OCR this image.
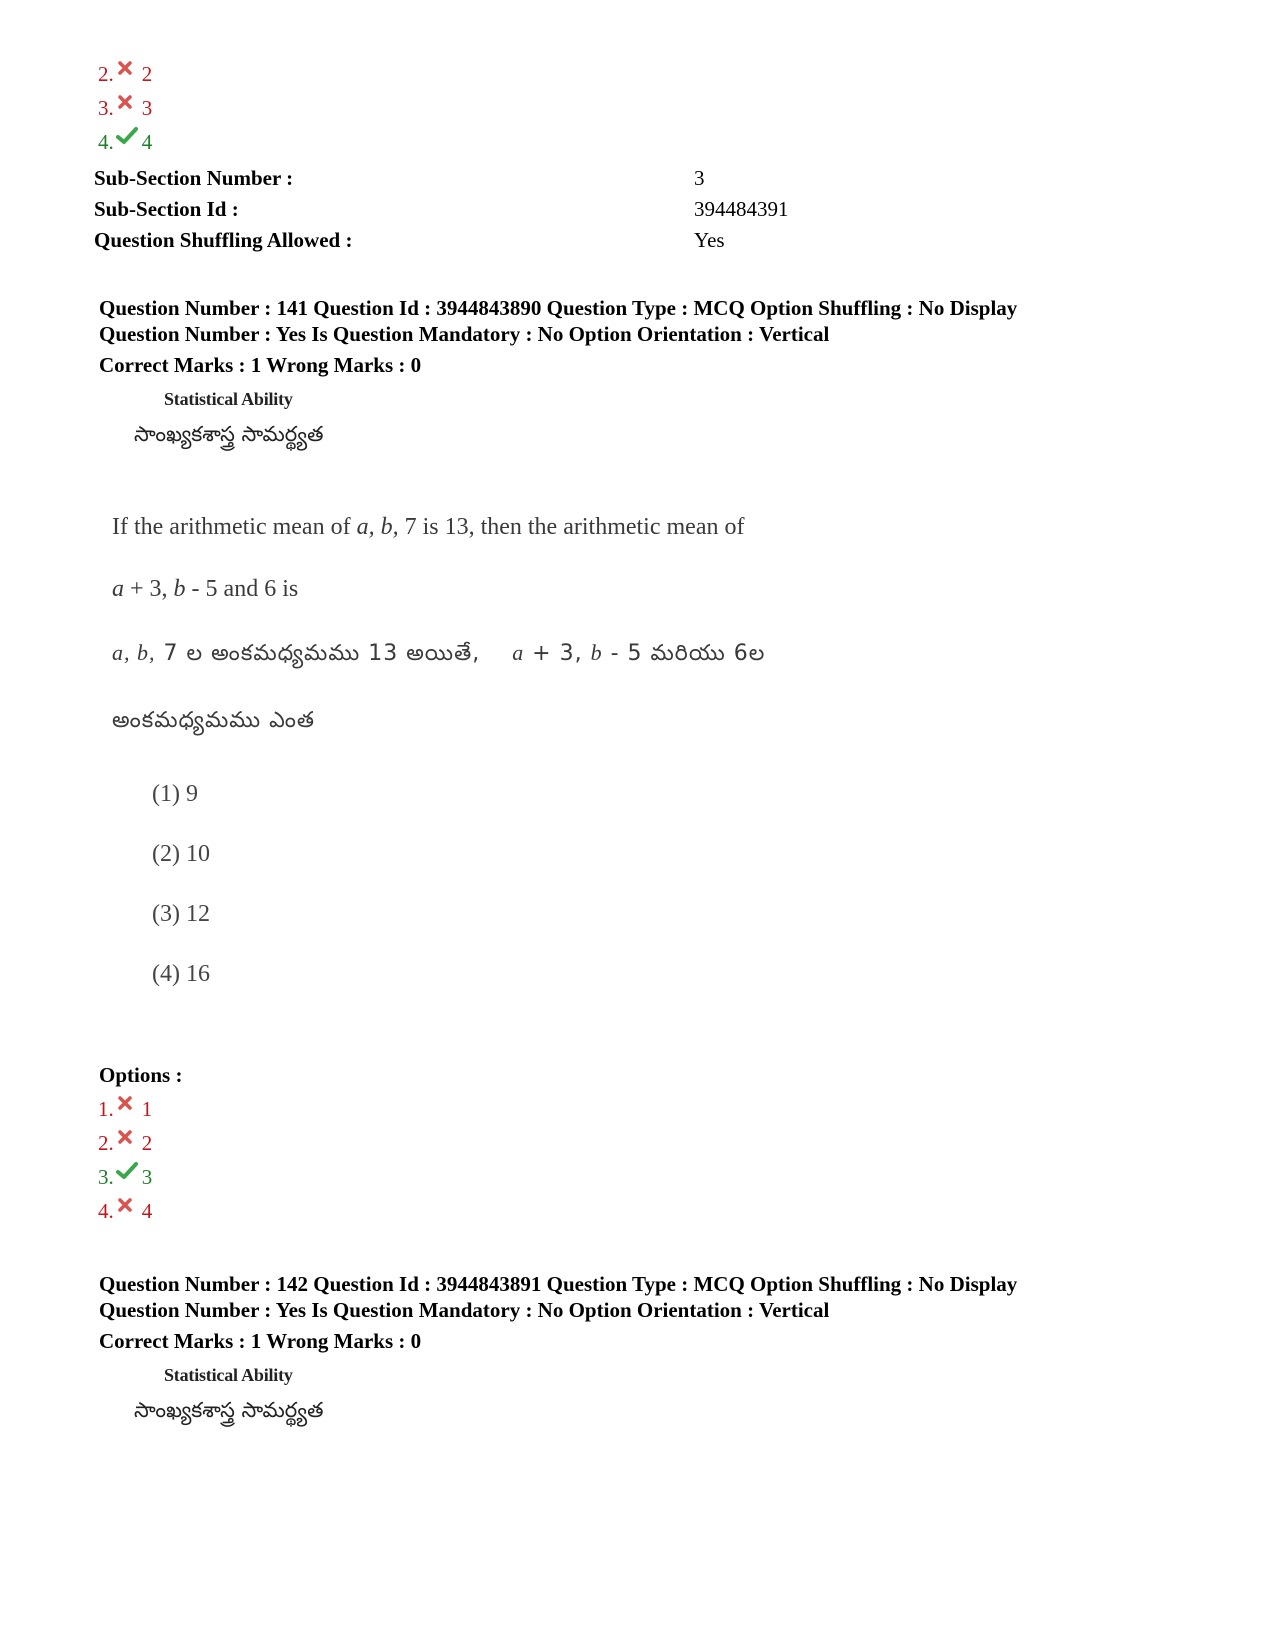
2. 2
3. 3
4. 4
Sub-Section Number :	3
Sub-Section Id :	394484391
Question Shuffling Allowed :	Yes
Question Number : 141 Question Id : 3944843890 Question Type : MCQ Option Shuffling : No Display
Question Number : Yes Is Question Mandatory : No Option Orientation : Vertical
Correct Marks : 1 Wrong Marks : 0
Statistical Ability
సాంఖ్యకశాస్త్ర సామర్థ్యత
If the arithmetic mean of a, b, 7 is 13, then the arithmetic mean of
a + 3, b - 5 and 6 is
a, b, 7 ల అంకమధ్యమము 13 అయితే, a + 3, b - 5 మరియు 6ల
అంకమధ్యమము ఎంత
(1) 9
(2) 10
(3) 12
(4) 16
Options :
1. 1
2. 2
3. 3
4. 4
Question Number : 142 Question Id : 3944843891 Question Type : MCQ Option Shuffling : No Display
Question Number : Yes Is Question Mandatory : No Option Orientation : Vertical
Correct Marks : 1 Wrong Marks : 0
Statistical Ability
సాంఖ్యకశాస్త్ర సామర్థ్యత
